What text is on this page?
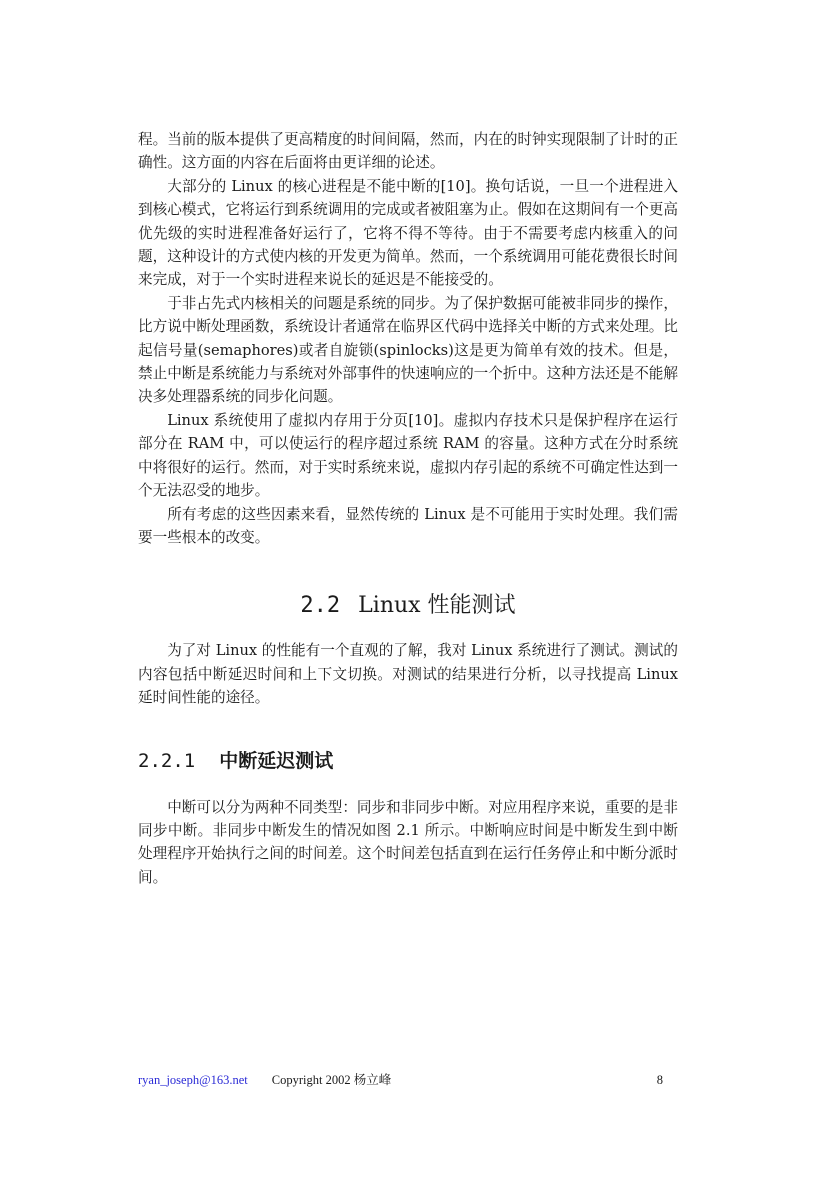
程。当前的版本提供了更高精度的时间间隔，然而，内在的时钟实现限制了计时的正确性。这方面的内容在后面将由更详细的论述。

大部分的 Linux 的核心进程是不能中断的[10]。换句话说，一旦一个进程进入到核心模式，它将运行到系统调用的完成或者被阻塞为止。假如在这期间有一个更高优先级的实时进程准备好运行了，它将不得不等待。由于不需要考虑内核重入的问题，这种设计的方式使内核的开发更为简单。然而，一个系统调用可能花费很长时间来完成，对于一个实时进程来说长的延迟是不能接受的。

于非占先式内核相关的问题是系统的同步。为了保护数据可能被非同步的操作，比方说中断处理函数，系统设计者通常在临界区代码中选择关中断的方式来处理。比起信号量(semaphores)或者自旋锁(spinlocks)这是更为简单有效的技术。但是，禁止中断是系统能力与系统对外部事件的快速响应的一个折中。这种方法还是不能解决多处理器系统的同步化问题。

Linux 系统使用了虚拟内存用于分页[10]。虚拟内存技术只是保护程序在运行部分在 RAM 中，可以使运行的程序超过系统 RAM 的容量。这种方式在分时系统中将很好的运行。然而，对于实时系统来说，虚拟内存引起的系统不可确定性达到一个无法忍受的地步。

所有考虑的这些因素来看，显然传统的 Linux 是不可能用于实时处理。我们需要一些根本的改变。

2.2 Linux 性能测试

为了对 Linux 的性能有一个直观的了解，我对 Linux 系统进行了测试。测试的内容包括中断延迟时间和上下文切换。对测试的结果进行分析，以寻找提高 Linux 延时间性能的途径。

2.2.1 中断延迟测试

中断可以分为两种不同类型：同步和非同步中断。对应用程序来说，重要的是非同步中断。非同步中断发生的情况如图 2.1 所示。中断响应时间是中断发生到中断处理程序开始执行之间的时间差。这个时间差包括直到在运行任务停止和中断分派时间。

ryan_joseph@163.net Copyright 2002 杨立峰	8
